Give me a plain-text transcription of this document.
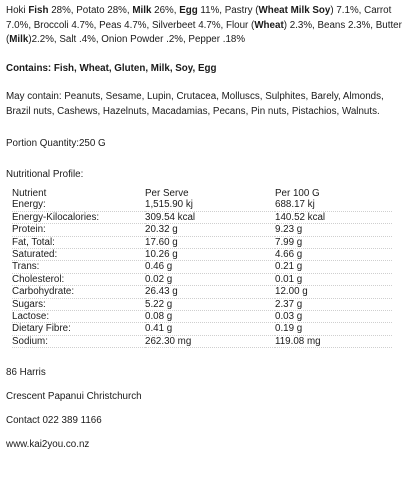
Hoki Fish 28%, Potato 28%, Milk 26%, Egg 11%, Pastry (Wheat Milk Soy) 7.1%, Carrot 7.0%, Broccoli 4.7%, Peas 4.7%, Silverbeet 4.7%, Flour (Wheat) 2.3%, Beans 2.3%, Butter (Milk)2.2%, Salt .4%, Onion Powder .2%, Pepper .18%

Contains: Fish, Wheat, Gluten, Milk, Soy, Egg

May contain: Peanuts, Sesame, Lupin, Crutacea, Molluscs, Sulphites, Barely, Almonds, Brazil nuts, Cashews, Hazelnuts, Macadamias, Pecans, Pin nuts, Pistachios, Walnuts.

Portion Quantity:250 G

Nutritional Profile:

Nutrient	Per Serve	Per 100 G
Energy:	1,515.90 kj	688.17 kj
Energy-Kilocalories:	309.54 kcal	140.52 kcal
Protein:	20.32 g	9.23 g
Fat, Total:	17.60 g	7.99 g
Saturated:	10.26 g	4.66 g
Trans:	0.46 g	0.21 g
Cholesterol:	0.02 g	0.01 g
Carbohydrate:	26.43 g	12.00 g
Sugars:	5.22 g	2.37 g
Lactose:	0.08 g	0.03 g
Dietary Fibre:	0.41 g	0.19 g
Sodium:	262.30 mg	119.08 mg

86 Harris

Crescent Papanui Christchurch

Contact 022 389 1166

www.kai2you.co.nz
